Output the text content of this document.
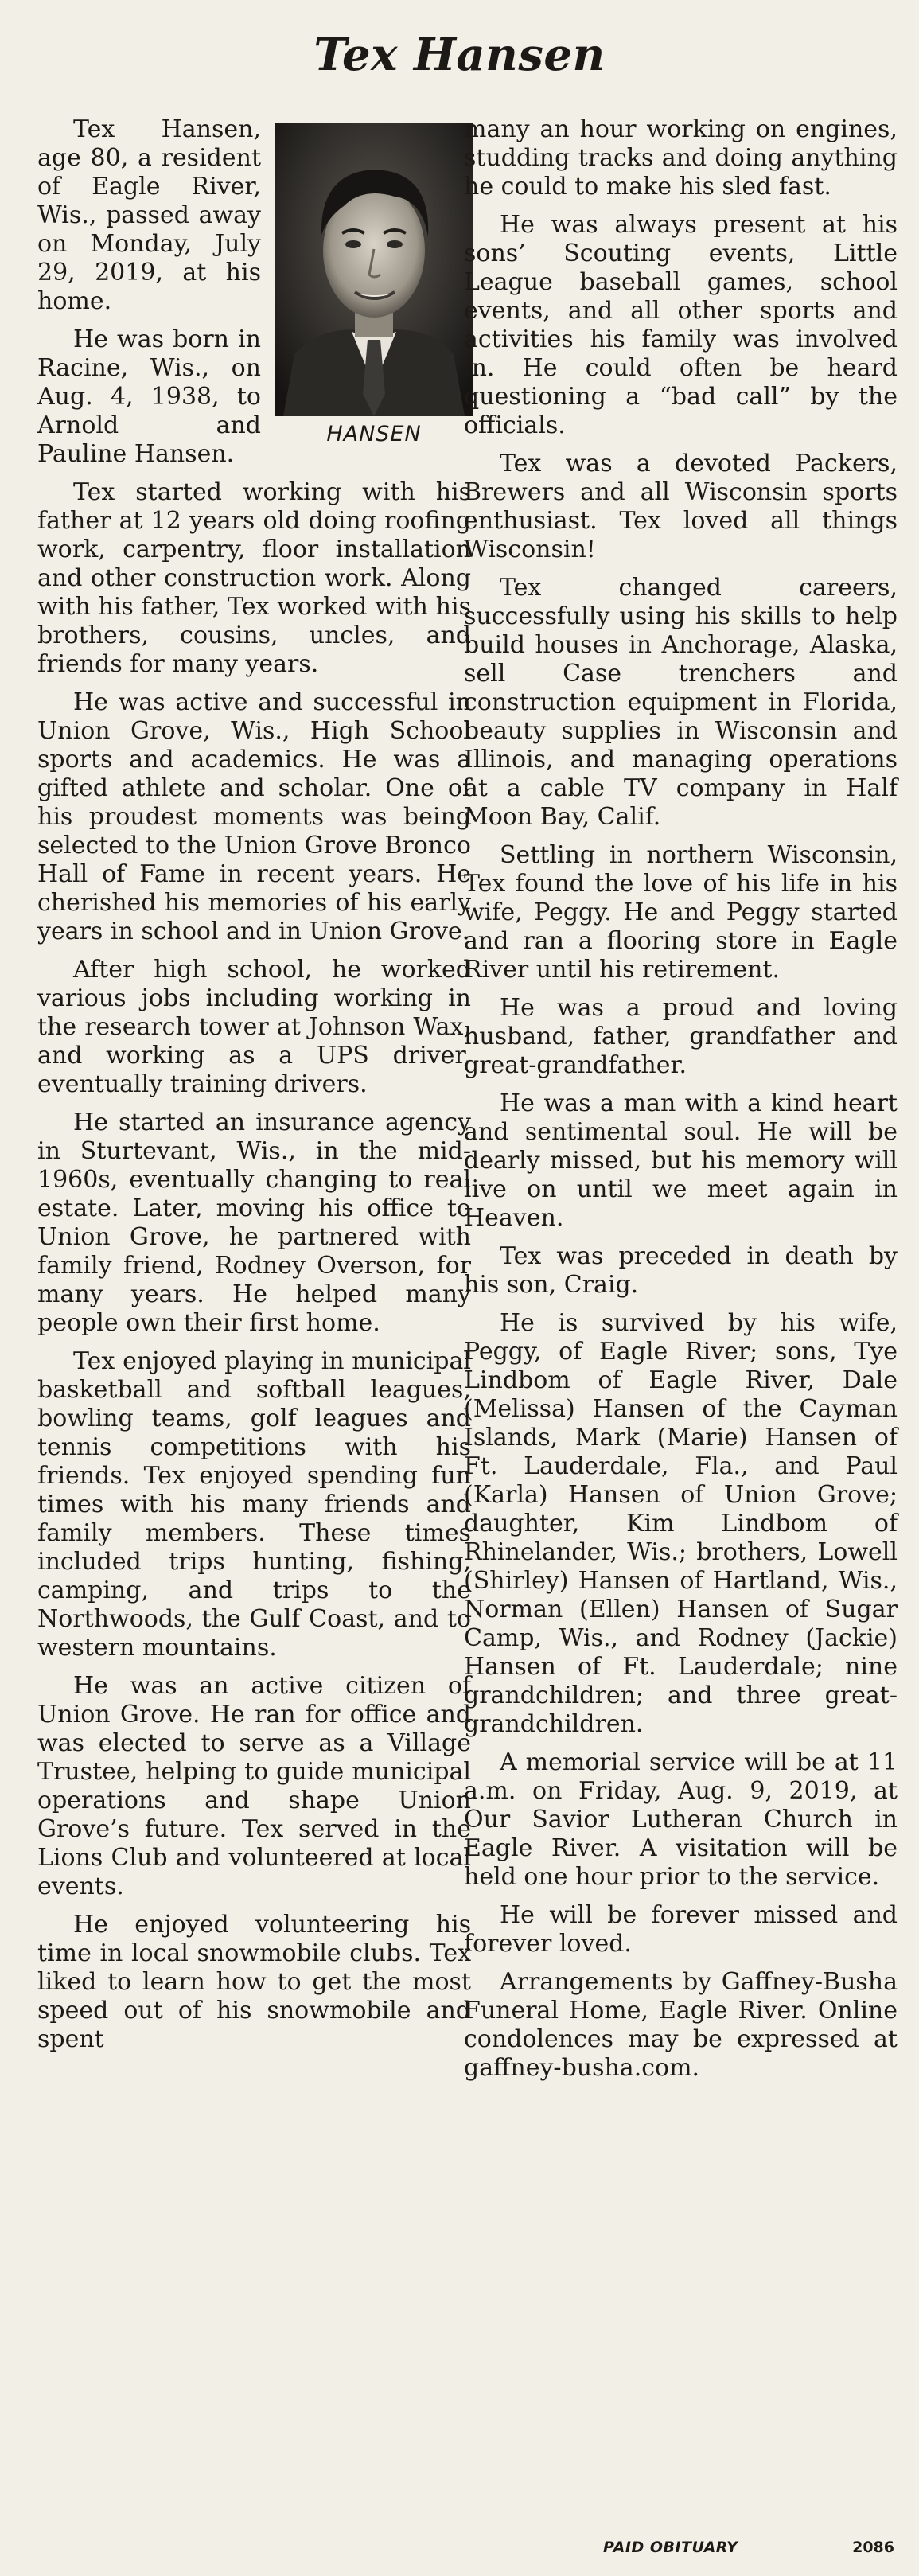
Tex Hansen
HANSEN

Tex Hansen, age 80, a resident of Eagle River, Wis., passed away on Monday, July 29, 2019, at his home.

He was born in Racine, Wis., on Aug. 4, 1938, to Arnold and Pauline Hansen.

Tex started working with his father at 12 years old doing roofing work, carpentry, floor installation and other construction work. Along with his father, Tex worked with his brothers, cousins, uncles, and friends for many years.

He was active and successful in Union Grove, Wis., High School sports and academics. He was a gifted athlete and scholar. One of his proudest moments was being selected to the Union Grove Bronco Hall of Fame in recent years. He cherished his memories of his early years in school and in Union Grove.

After high school, he worked various jobs including working in the research tower at Johnson Wax, and working as a UPS driver, eventually training drivers.

He started an insurance agency in Sturtevant, Wis., in the mid-1960s, eventually changing to real estate. Later, moving his office to Union Grove, he partnered with family friend, Rodney Overson, for many years. He helped many people own their first home.

Tex enjoyed playing in municipal basketball and softball leagues, bowling teams, golf leagues and tennis competitions with his friends. Tex enjoyed spending fun times with his many friends and family members. These times included trips hunting, fishing, camping, and trips to the Northwoods, the Gulf Coast, and to western mountains.

He was an active citizen of Union Grove. He ran for office and was elected to serve as a Village Trustee, helping to guide municipal operations and shape Union Grove’s future. Tex served in the Lions Club and volunteered at local events.

He enjoyed volunteering his time in local snowmobile clubs. Tex liked to learn how to get the most speed out of his snowmobile and spent

many an hour working on engines, studding tracks and doing anything he could to make his sled fast.

He was always present at his sons’ Scouting events, Little League baseball games, school events, and all other sports and activities his family was involved in. He could often be heard questioning a “bad call” by the officials.

Tex was a devoted Packers, Brewers and all Wisconsin sports enthusiast. Tex loved all things Wisconsin!

Tex changed careers, successfully using his skills to help build houses in Anchorage, Alaska, sell Case trenchers and construction equipment in Florida, beauty supplies in Wisconsin and Illinois, and managing operations at a cable TV company in Half Moon Bay, Calif.

Settling in northern Wisconsin, Tex found the love of his life in his wife, Peggy. He and Peggy started and ran a flooring store in Eagle River until his retirement.

He was a proud and loving husband, father, grandfather and great-grandfather.

He was a man with a kind heart and sentimental soul. He will be dearly missed, but his memory will live on until we meet again in Heaven.

Tex was preceded in death by his son, Craig.

He is survived by his wife, Peggy, of Eagle River; sons, Tye Lindbom of Eagle River, Dale (Melissa) Hansen of the Cayman Islands, Mark (Marie) Hansen of Ft. Lauderdale, Fla., and Paul (Karla) Hansen of Union Grove; daughter, Kim Lindbom of Rhinelander, Wis.; brothers, Lowell (Shirley) Hansen of Hartland, Wis., Norman (Ellen) Hansen of Sugar Camp, Wis., and Rodney (Jackie) Hansen of Ft. Lauderdale; nine grandchildren; and three great-grandchildren.

A memorial service will be at 11 a.m. on Friday, Aug. 9, 2019, at Our Savior Lutheran Church in Eagle River. A visitation will be held one hour prior to the service.

He will be forever missed and forever loved.

Arrangements by Gaffney-Busha Funeral Home, Eagle River. Online condolences may be expressed at gaffney-busha.com.

PAID OBITUARY	2086
